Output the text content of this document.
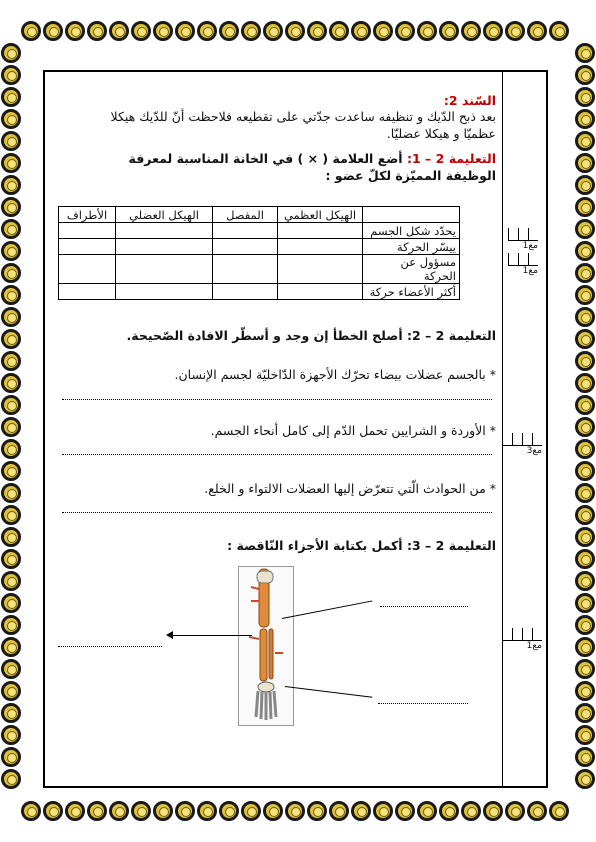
السّند 2:
بعد ذبح الدّيك و تنظيفه ساعدت جدّتي على تقطيعه فلاحظت أنّ للدّيك هيكلا عظميّا و هيكلا عضليّا.
التعليمة 2 – 1: أضع العلامة ( × ) في الخانة المناسبة لمعرفة الوظيفة المميّزة لكلّ عضو :
	الهيكل العظمي	المفصل	الهيكل العضلي	الأطراف
يحدّد شكل الجسم				
ييسّر الحركة				
مسؤول عن الحركة				
أكثر الأعضاء حركة				
التعليمة 2 – 2: أصلح الخطأ إن وجد و أسطّر الافادة الصّحيحة.
* بالجسم عضلات بيضاء تحرّك الأجهزة الدّاخليّة لجسم الإنسان.
* الأوردة و الشرايين تحمل الدّم إلى كامل أنحاء الجسم.
* من الحوادث الّتي تتعرّض إليها العضلات الالتواء و الخلع.
التعليمة 2 – 3: أكمل بكتابة الأجزاء النّاقصة :
مع1
مع1
مع3
مع1
